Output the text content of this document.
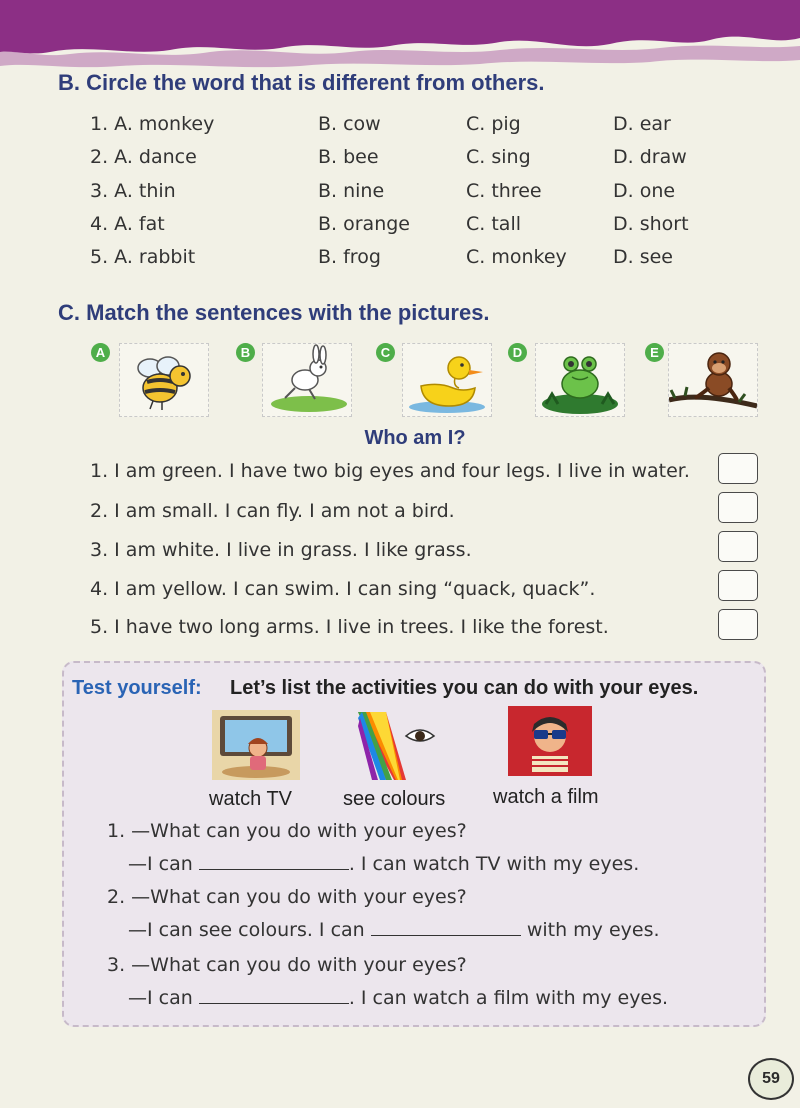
B. Circle the word that is different from others.
1. A. monkey	B. cow	C. pig	D. ear
2. A. dance	B. bee	C. sing	D. draw
3. A. thin	B. nine	C. three	D. one
4. A. fat	B. orange	C. tall	D. short
5. A. rabbit	B. frog	C. monkey D. see
C. Match the sentences with the pictures.
A	B	C	D	E
Who am I?
1. I am green. I have two big eyes and four legs. I live in water.
2. I am small. I can fly. I am not a bird.
3. I am white. I live in grass. I like grass.
4. I am yellow. I can swim. I can sing “quack, quack”.
5. I have two long arms. I live in trees. I like the forest.
Test yourself: Let’s list the activities you can do with your eyes.
watch TV	see colours watch a film
1. —What can you do with your eyes?
—I can	. I can watch TV with my eyes.
2. —What can you do with your eyes?
—I can see colours. I can	with my eyes.
3. —What can you do with your eyes?
—I can	. I can watch a film with my eyes.
59
